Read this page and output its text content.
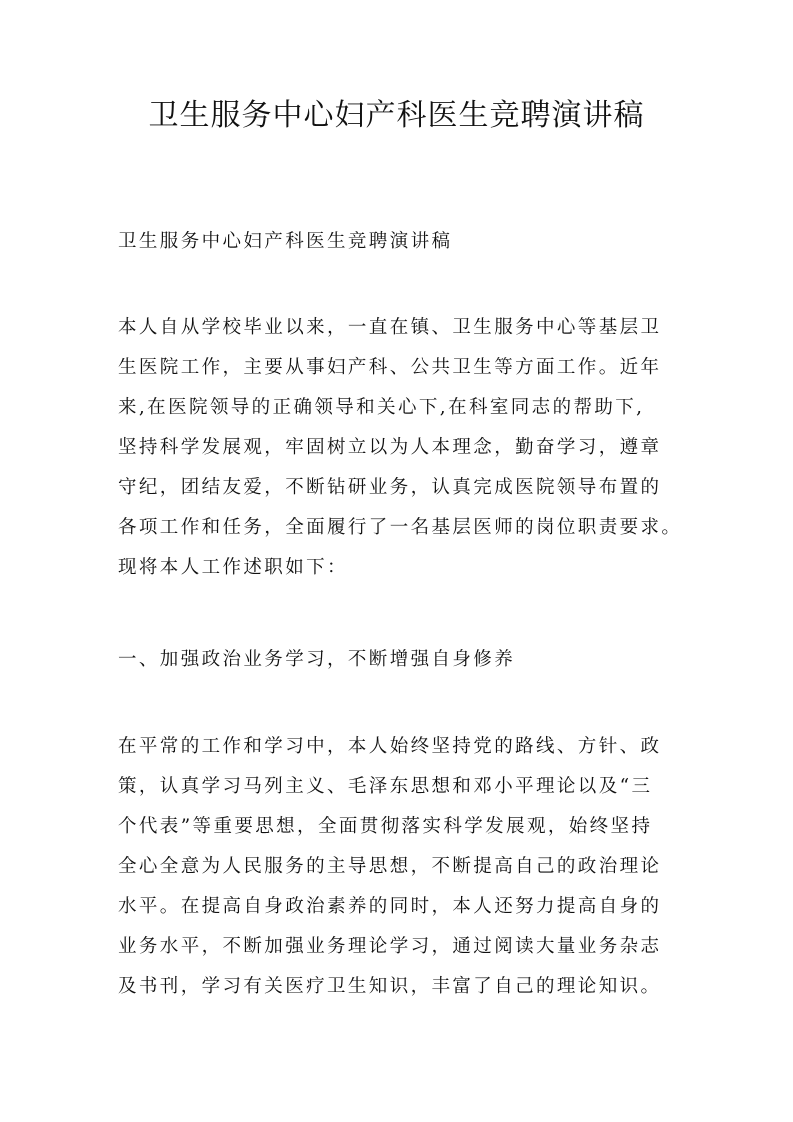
卫生服务中心妇产科医生竞聘演讲稿

卫生服务中心妇产科医生竞聘演讲稿

本人自从学校毕业以来，一直在镇、卫生服务中心等基层卫
生医院工作，主要从事妇产科、公共卫生等方面工作。近年
来,在医院领导的正确领导和关心下,在科室同志的帮助下,
坚持科学发展观，牢固树立以为人本理念，勤奋学习，遵章
守纪，团结友爱，不断钻研业务，认真完成医院领导布置的
各项工作和任务，全面履行了一名基层医师的岗位职责要求。
现将本人工作述职如下：

一、加强政治业务学习，不断增强自身修养

在平常的工作和学习中，本人始终坚持党的路线、方针、政
策，认真学习马列主义、毛泽东思想和邓小平理论以及“三
个代表”等重要思想，全面贯彻落实科学发展观，始终坚持
全心全意为人民服务的主导思想，不断提高自己的政治理论
水平。在提高自身政治素养的同时，本人还努力提高自身的
业务水平，不断加强业务理论学习，通过阅读大量业务杂志
及书刊，学习有关医疗卫生知识，丰富了自己的理论知识。
